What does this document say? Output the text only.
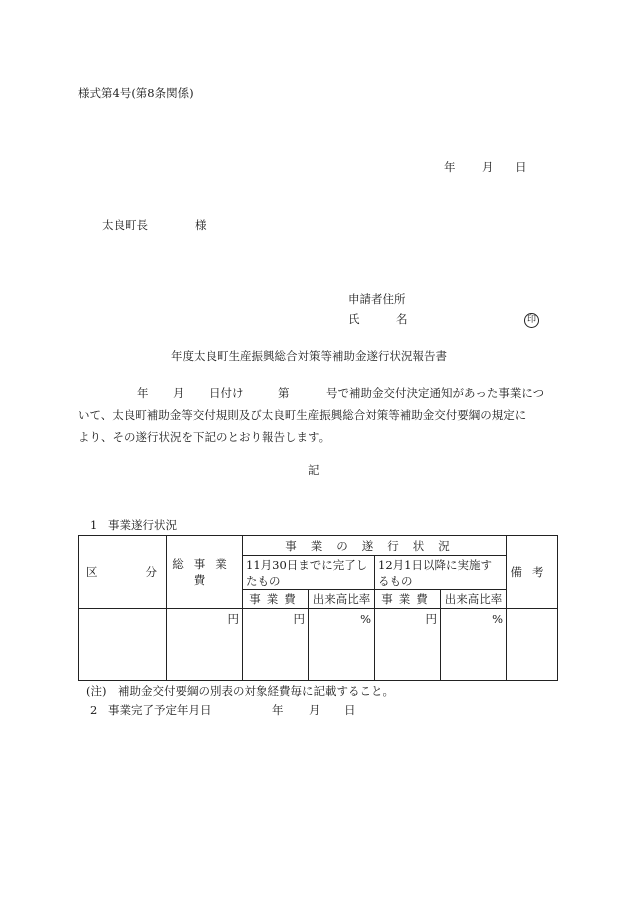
様式第4号(第8条関係)
年 月 日
太良町長	様
申請者住所
氏	名	印
年度太良町生産振興総合対策等補助金遂行状況報告書
年 月 日付け	第	号で補助金交付決定通知があった事業につ
いて、太良町補助金等交付規則及び太良町生産振興総合対策等補助金交付要綱の規定に
より、その遂行状況を下記のとおり報告します。
記
1 事業遂行状況
区 分	総事業費	事業の遂行状況				備考
		11月30日までに完了したもの		12月1日以降に実施するもの		
		事業費	出来高比率	事業費	出来高比率	
	円	円	%	円	%	
(注)　補助金交付要綱の別表の対象経費毎に記載すること。
2 事業完了予定年月日	年 月 日
